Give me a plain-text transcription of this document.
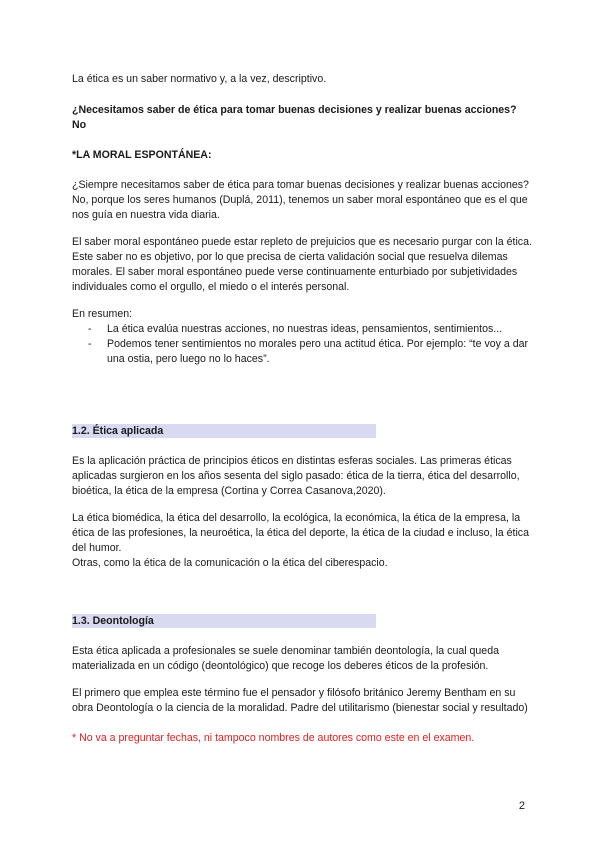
La ética es un saber normativo y, a la vez, descriptivo.
¿Necesitamos saber de ética para tomar buenas decisiones y realizar buenas acciones? No
*LA MORAL ESPONTÁNEA:
¿Siempre necesitamos saber de ética para tomar buenas decisiones y realizar buenas acciones? No, porque los seres humanos (Duplá, 2011), tenemos un saber moral espontáneo que es el que nos guía en nuestra vida diaria.
El saber moral espontáneo puede estar repleto de prejuicios que es necesario purgar con la ética. Este saber no es objetivo, por lo que precisa de cierta validación social que resuelva dilemas morales. El saber moral espontáneo puede verse continuamente enturbiado por subjetividades individuales como el orgullo, el miedo o el interés personal.
En resumen:
- La ética evalúa nuestras acciones, no nuestras ideas, pensamientos, sentimientos...
- Podemos tener sentimientos no morales pero una actitud ética. Por ejemplo: “te voy a dar una ostia, pero luego no lo haces”.
1.2. Ética aplicada
Es la aplicación práctica de principios éticos en distintas esferas sociales. Las primeras éticas aplicadas surgieron en los años sesenta del siglo pasado: ética de la tierra, ética del desarrollo, bioética, la ética de la empresa (Cortina y Correa Casanova,2020).
La ética biomédica, la ética del desarrollo, la ecológica, la económica, la ética de la empresa, la ética de las profesiones, la neuroética, la ética del deporte, la ética de la ciudad e incluso, la ética del humor.
Otras, como la ética de la comunicación o la ética del ciberespacio.
1.3. Deontología
Esta ética aplicada a profesionales se suele denominar también deontología, la cual queda materializada en un código (deontológico) que recoge los deberes éticos de la profesión.
El primero que emplea este término fue el pensador y filósofo británico Jeremy Bentham en su obra Deontología o la ciencia de la moralidad. Padre del utilitarismo (bienestar social y resultado)
* No va a preguntar fechas, ni tampoco nombres de autores como este en el examen.
2
